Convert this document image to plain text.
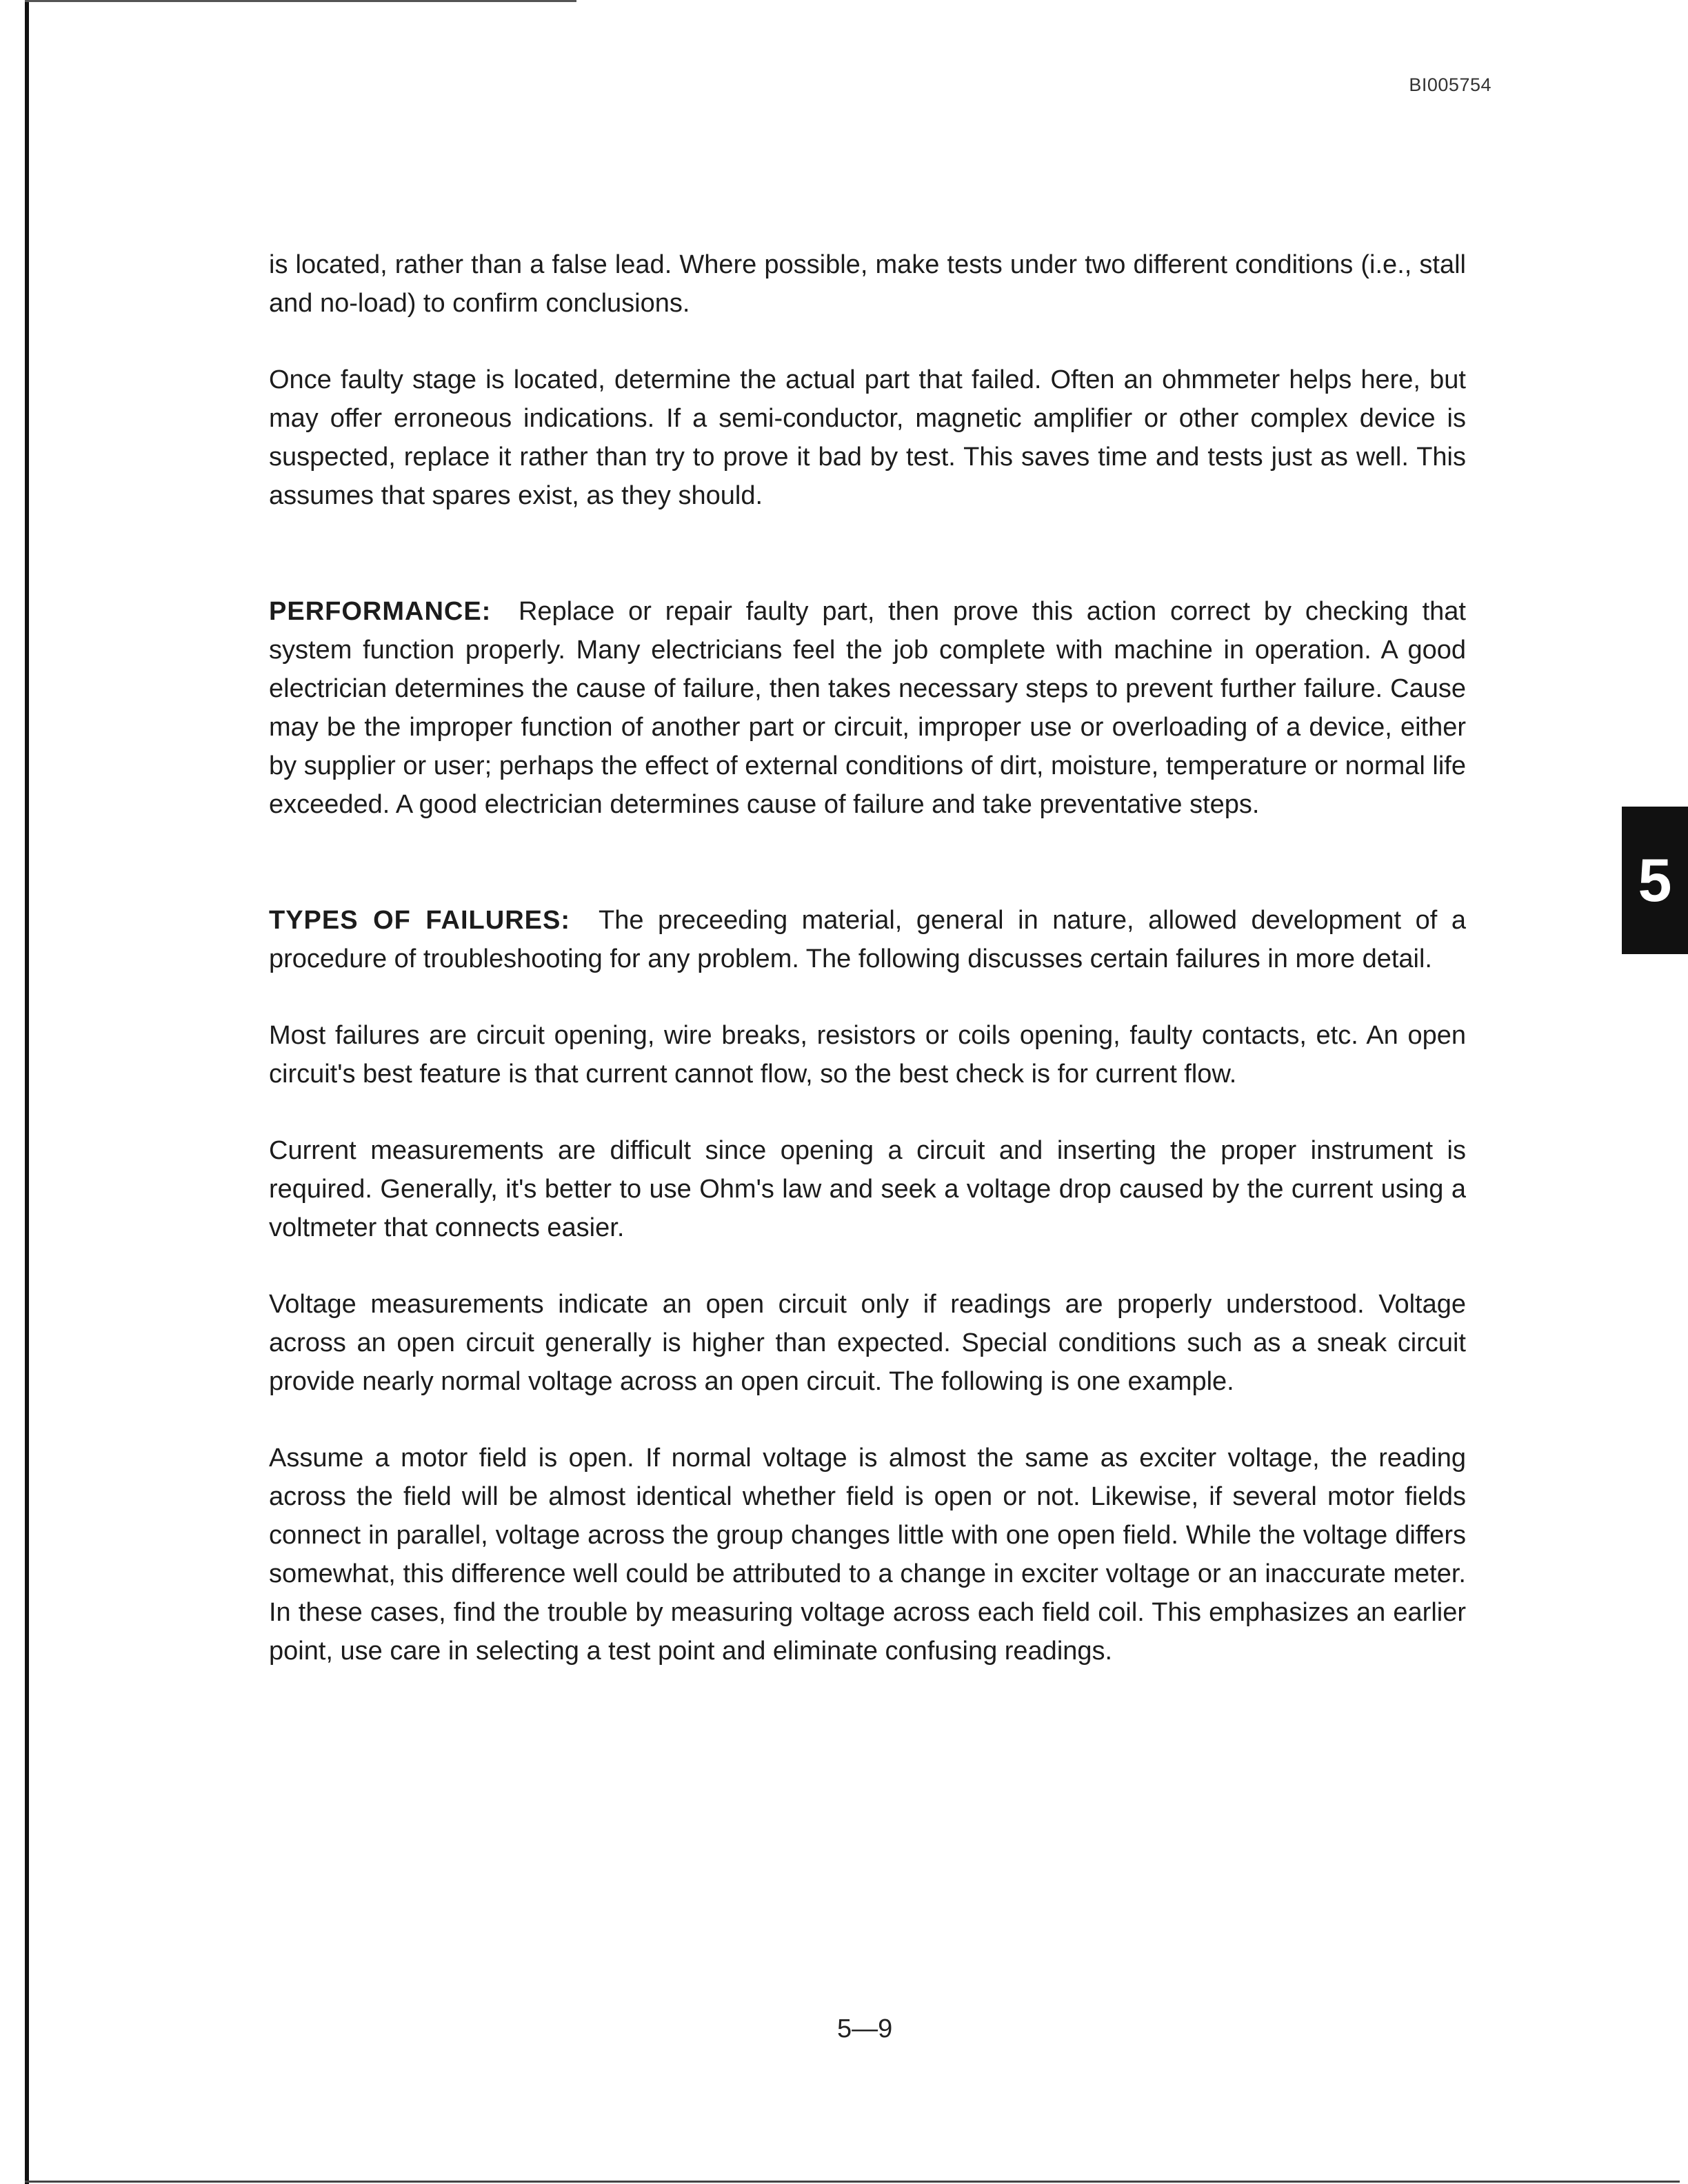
BI005754

is located, rather than a false lead. Where possible, make tests under two different conditions (i.e., stall and no-load) to confirm conclusions.

Once faulty stage is located, determine the actual part that failed. Often an ohmmeter helps here, but may offer erroneous indications. If a semi-conductor, magnetic amplifier or other complex device is suspected, replace it rather than try to prove it bad by test. This saves time and tests just as well. This assumes that spares exist, as they should.

PERFORMANCE: Replace or repair faulty part, then prove this action correct by checking that system function properly. Many electricians feel the job complete with machine in operation. A good electrician determines the cause of failure, then takes necessary steps to prevent further failure. Cause may be the improper function of another part or circuit, improper use or overloading of a device, either by supplier or user; perhaps the effect of external conditions of dirt, moisture, temperature or normal life exceeded. A good electrician determines cause of failure and take preventative steps.

TYPES OF FAILURES: The preceeding material, general in nature, allowed development of a procedure of troubleshooting for any problem. The following discusses certain failures in more detail.

Most failures are circuit opening, wire breaks, resistors or coils opening, faulty contacts, etc. An open circuit's best feature is that current cannot flow, so the best check is for current flow.

Current measurements are difficult since opening a circuit and inserting the proper instrument is required. Generally, it's better to use Ohm's law and seek a voltage drop caused by the current using a voltmeter that connects easier.

Voltage measurements indicate an open circuit only if readings are properly understood. Voltage across an open circuit generally is higher than expected. Special conditions such as a sneak circuit provide nearly normal voltage across an open circuit. The following is one example.

Assume a motor field is open. If normal voltage is almost the same as exciter voltage, the reading across the field will be almost identical whether field is open or not. Likewise, if several motor fields connect in parallel, voltage across the group changes little with one open field. While the voltage differs somewhat, this difference well could be attributed to a change in exciter voltage or an inaccurate meter. In these cases, find the trouble by measuring voltage across each field coil. This emphasizes an earlier point, use care in selecting a test point and eliminate confusing readings.

5
5—9
